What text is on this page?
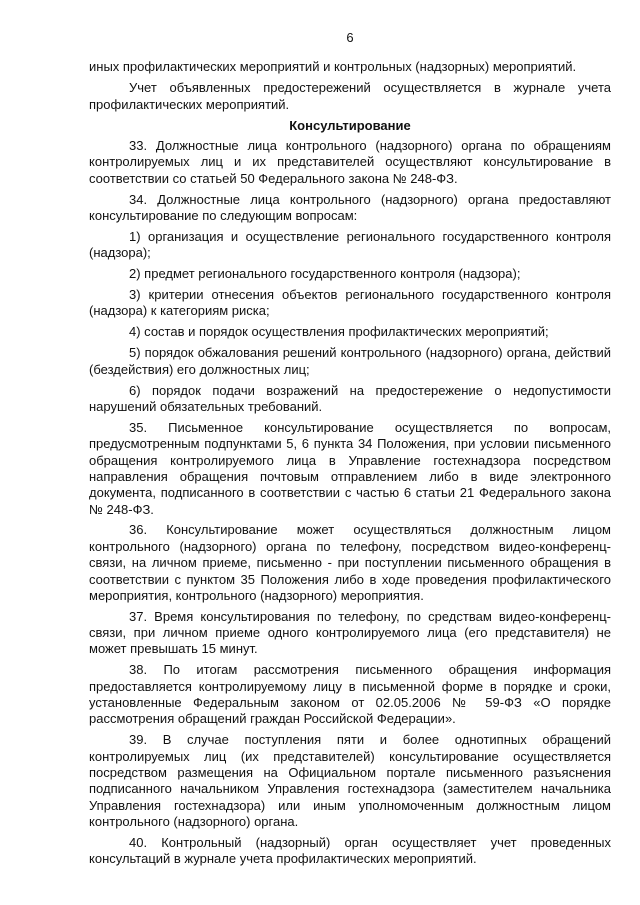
6

иных профилактических мероприятий и контрольных (надзорных) мероприятий.

Учет объявленных предостережений осуществляется в журнале учета профилактических мероприятий.

Консультирование

33. Должностные лица контрольного (надзорного) органа по обращениям контролируемых лиц и их представителей осуществляют консультирование в соответствии со статьей 50 Федерального закона № 248-ФЗ.

34. Должностные лица контрольного (надзорного) органа предоставляют консультирование по следующим вопросам:

1) организация и осуществление регионального государственного контроля (надзора);

2) предмет регионального государственного контроля (надзора);

3) критерии отнесения объектов регионального государственного контроля (надзора) к категориям риска;

4) состав и порядок осуществления профилактических мероприятий;

5) порядок обжалования решений контрольного (надзорного) органа, действий (бездействия) его должностных лиц;

6) порядок подачи возражений на предостережение о недопустимости нарушений обязательных требований.

35. Письменное консультирование осуществляется по вопросам, предусмотренным подпунктами 5, 6 пункта 34 Положения, при условии письменного обращения контролируемого лица в Управление гостехнадзора посредством направления обращения почтовым отправлением либо в виде электронного документа, подписанного в соответствии с частью 6 статьи 21 Федерального закона № 248-ФЗ.

36. Консультирование может осуществляться должностным лицом контрольного (надзорного) органа по телефону, посредством видео-конференц-связи, на личном приеме, письменно - при поступлении письменного обращения в соответствии с пунктом 35 Положения либо в ходе проведения профилактического мероприятия, контрольного (надзорного) мероприятия.

37. Время консультирования по телефону, по средствам видео-конференц-связи, при личном приеме одного контролируемого лица (его представителя) не может превышать 15 минут.

38. По итогам рассмотрения письменного обращения информация предоставляется контролируемому лицу в письменной форме в порядке и сроки, установленные Федеральным законом от 02.05.2006 № 59-ФЗ «О порядке рассмотрения обращений граждан Российской Федерации».

39. В случае поступления пяти и более однотипных обращений контролируемых лиц (их представителей) консультирование осуществляется посредством размещения на Официальном портале письменного разъяснения подписанного начальником Управления гостехнадзора (заместителем начальника Управления гостехнадзора) или иным уполномоченным должностным лицом контрольного (надзорного) органа.

40. Контрольный (надзорный) орган осуществляет учет проведенных консультаций в журнале учета профилактических мероприятий.
